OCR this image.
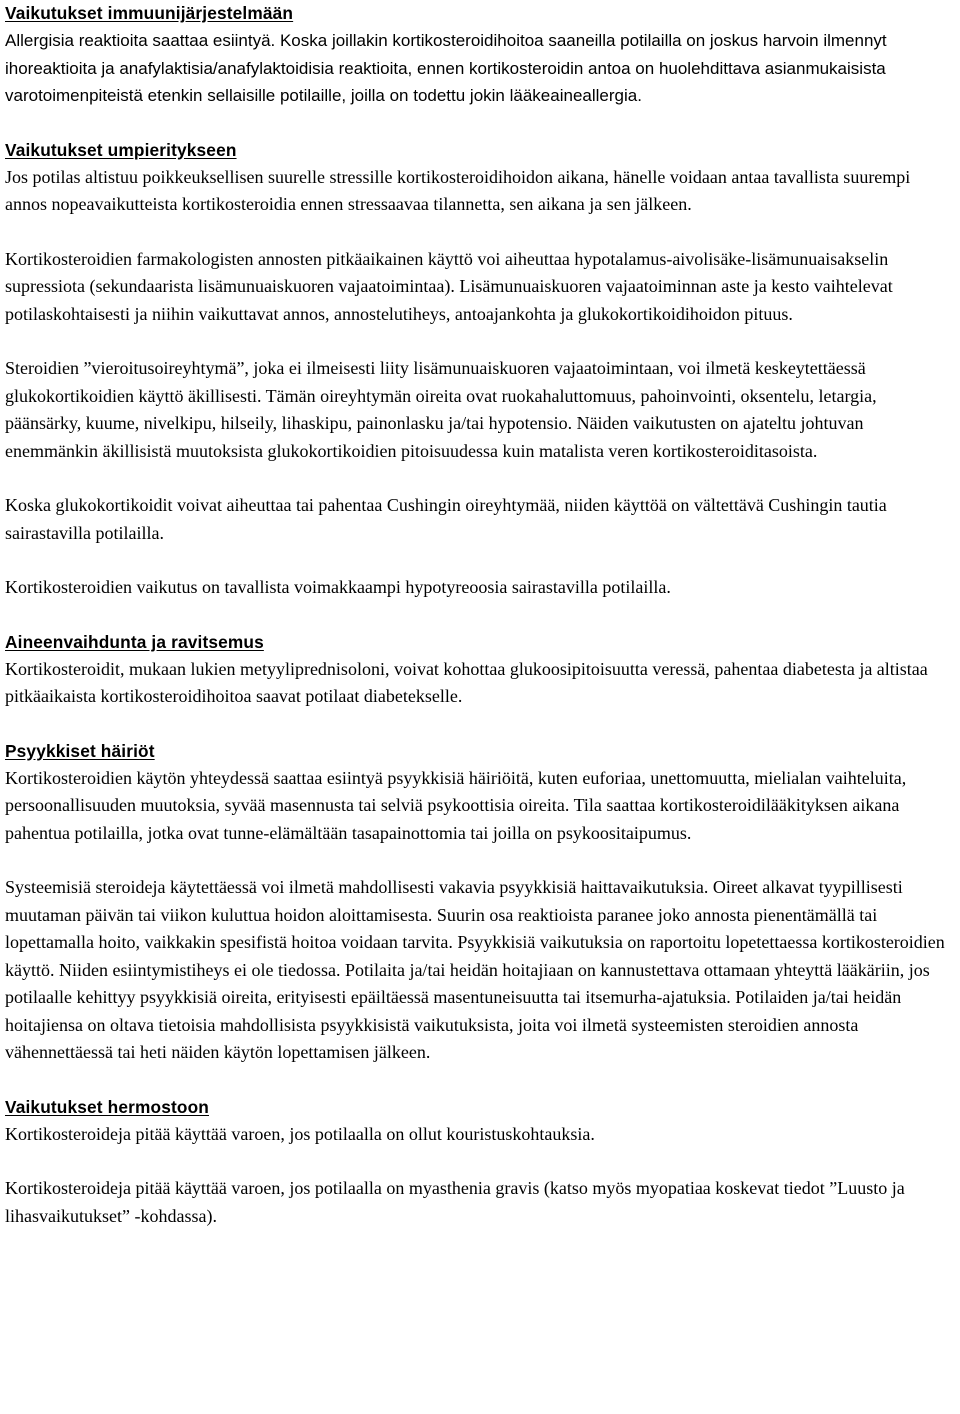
Vaikutukset immuunijärjestelmään

Allergisia reaktioita saattaa esiintyä. Koska joillakin kortikosteroidihoitoa saaneilla potilailla on joskus harvoin ilmennyt ihoreaktioita ja anafylaktisia/anafylaktoidisia reaktioita, ennen kortikosteroidin antoa on huolehdittava asianmukaisista varotoimenpiteistä etenkin sellaisille potilaille, joilla on todettu jokin lääkeaineallergia.

Vaikutukset umpieritykseen

Jos potilas altistuu poikkeuksellisen suurelle stressille kortikosteroidihoidon aikana, hänelle voidaan antaa tavallista suurempi annos nopeavaikutteista kortikosteroidia ennen stressaavaa tilannetta, sen aikana ja sen jälkeen.

Kortikosteroidien farmakologisten annosten pitkäaikainen käyttö voi aiheuttaa hypotalamus-aivolisäke-lisämunuaisakselin supressiota (sekundaarista lisämunuaiskuoren vajaatoimintaa). Lisämunuaiskuoren vajaatoiminnan aste ja kesto vaihtelevat potilaskohtaisesti ja niihin vaikuttavat annos, annostelutiheys, antoajankohta ja glukokortikoidihoidon pituus.

Steroidien ”vieroitusoireyhtymä”, joka ei ilmeisesti liity lisämunuaiskuoren vajaatoimintaan, voi ilmetä keskeytettäessä glukokortikoidien käyttö äkillisesti. Tämän oireyhtymän oireita ovat ruokahaluttomuus, pahoinvointi, oksentelu, letargia, päänsärky, kuume, nivelkipu, hilseily, lihaskipu, painonlasku ja/tai hypotensio. Näiden vaikutusten on ajateltu johtuvan enemmänkin äkillisistä muutoksista glukokortikoidien pitoisuudessa kuin matalista veren kortikosteroiditasoista.

Koska glukokortikoidit voivat aiheuttaa tai pahentaa Cushingin oireyhtymää, niiden käyttöä on vältettävä Cushingin tautia sairastavilla potilailla.

Kortikosteroidien vaikutus on tavallista voimakkaampi hypotyreoosia sairastavilla potilailla.

Aineenvaihdunta ja ravitsemus

Kortikosteroidit, mukaan lukien metyyliprednisoloni, voivat kohottaa glukoosipitoisuutta veressä, pahentaa diabetesta ja altistaa pitkäaikaista kortikosteroidihoitoa saavat potilaat diabetekselle.

Psyykkiset häiriöt

Kortikosteroidien käytön yhteydessä saattaa esiintyä psyykkisiä häiriöitä, kuten euforiaa, unettomuutta, mielialan vaihteluita, persoonallisuuden muutoksia, syvää masennusta tai selviä psykoottisia oireita. Tila saattaa kortikosteroidilääkityksen aikana pahentua potilailla, jotka ovat tunne-elämältään tasapainottomia tai joilla on psykoositaipumus.

Systeemisiä steroideja käytettäessä voi ilmetä mahdollisesti vakavia psyykkisiä haittavaikutuksia. Oireet alkavat tyypillisesti muutaman päivän tai viikon kuluttua hoidon aloittamisesta. Suurin osa reaktioista paranee joko annosta pienentämällä tai lopettamalla hoito, vaikkakin spesifistä hoitoa voidaan tarvita. Psyykkisiä vaikutuksia on raportoitu lopetettaessa kortikosteroidien käyttö. Niiden esiintymistiheys ei ole tiedossa. Potilaita ja/tai heidän hoitajiaan on kannustettava ottamaan yhteyttä lääkäriin, jos potilaalle kehittyy psyykkisiä oireita, erityisesti epäiltäessä masentuneisuutta tai itsemurha-ajatuksia. Potilaiden ja/tai heidän hoitajiensa on oltava tietoisia mahdollisista psyykkisistä vaikutuksista, joita voi ilmetä systeemisten steroidien annosta vähennettäessä tai heti näiden käytön lopettamisen jälkeen.

Vaikutukset hermostoon

Kortikosteroideja pitää käyttää varoen, jos potilaalla on ollut kouristuskohtauksia.

Kortikosteroideja pitää käyttää varoen, jos potilaalla on myasthenia gravis (katso myös myopatiaa koskevat tiedot ”Luusto ja lihasvaikutukset” -kohdassa).
